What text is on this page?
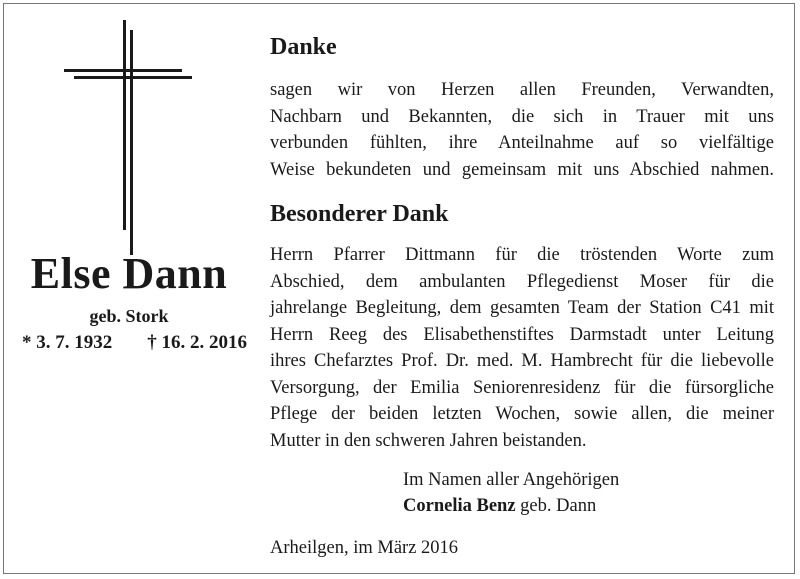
Else Dann
geb. Stork
* 3. 7. 1932 † 16. 2. 2016
Danke
sagen wir von Herzen allen Freunden, Verwandten,
Nachbarn und Bekannten, die sich in Trauer mit uns
verbunden fühlten, ihre Anteilnahme auf so vielfältige
Weise bekundeten und gemeinsam mit uns Abschied nahmen.
Besonderer Dank
Herrn Pfarrer Dittmann für die tröstenden Worte zum
Abschied, dem ambulanten Pflegedienst Moser für die
jahrelange Begleitung, dem gesamten Team der Station C41 mit
Herrn Reeg des Elisabethenstiftes Darmstadt unter Leitung
ihres Chefarztes Prof. Dr. med. M. Hambrecht für die liebevolle
Versorgung, der Emilia Seniorenresidenz für die fürsorgliche
Pflege der beiden letzten Wochen, sowie allen, die meiner
Mutter in den schweren Jahren beistanden.
Im Namen aller Angehörigen
Cornelia Benz geb. Dann
Arheilgen, im März 2016
